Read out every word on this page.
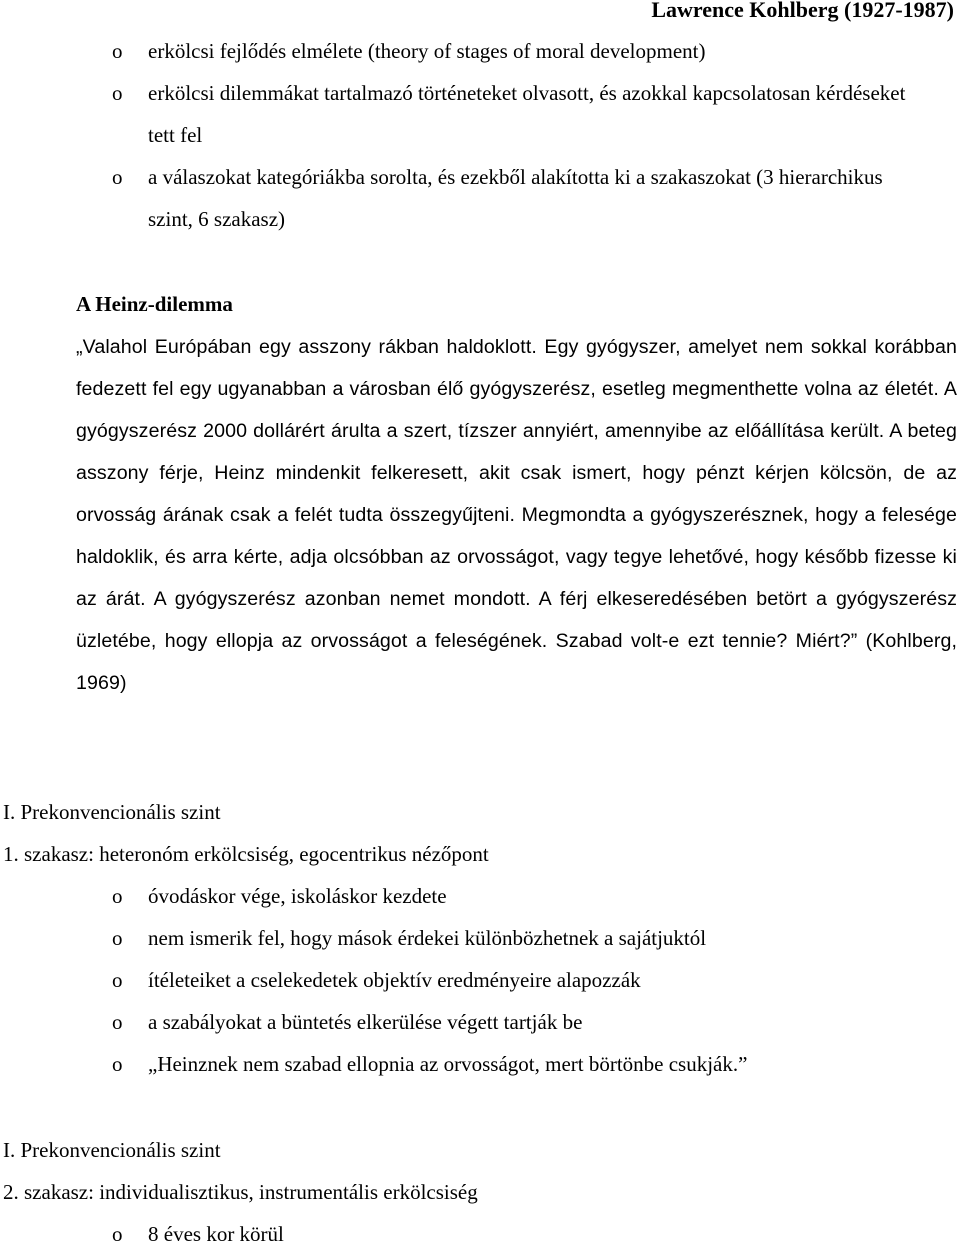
Lawrence Kohlberg (1927-1987)
o erkölcsi fejlődés elmélete (theory of stages of moral development)
o erkölcsi dilemmákat tartalmazó történeteket olvasott, és azokkal kapcsolatosan kérdéseket tett fel
o a válaszokat kategóriákba sorolta, és ezekből alakította ki a szakaszokat (3 hierarchikus szint, 6 szakasz)
A Heinz-dilemma
„Valahol Európában egy asszony rákban haldoklott. Egy gyógyszer, amelyet nem sokkal korábban fedezett fel egy ugyanabban a városban élő gyógyszerész, esetleg megmenthette volna az életét. A gyógyszerész 2000 dollárért árulta a szert, tízszer annyiért, amennyibe az előállítása került. A beteg asszony férje, Heinz mindenkit felkeresett, akit csak ismert, hogy pénzt kérjen kölcsön, de az orvosság árának csak a felét tudta összegyűjteni. Megmondta a gyógyszerésznek, hogy a felesége haldoklik, és arra kérte, adja olcsóbban az orvosságot, vagy tegye lehetővé, hogy később fizesse ki az árát. A gyógyszerész azonban nemet mondott. A férj elkeseredésében betört a gyógyszerész üzletébe, hogy ellopja az orvosságot a feleségének. Szabad volt-e ezt tennie? Miért?” (Kohlberg, 1969)
I. Prekonvencionális szint
1. szakasz: heteronóm erkölcsiség, egocentrikus nézőpont
o óvodáskor vége, iskoláskor kezdete
o nem ismerik fel, hogy mások érdekei különbözhetnek a sajátjuktól
o ítéleteiket a cselekedetek objektív eredményeire alapozzák
o a szabályokat a büntetés elkerülése végett tartják be
o „Heinznek nem szabad ellopnia az orvosságot, mert börtönbe csukják.”
I. Prekonvencionális szint
2. szakasz: individualisztikus, instrumentális erkölcsiség
o 8 éves kor körül
